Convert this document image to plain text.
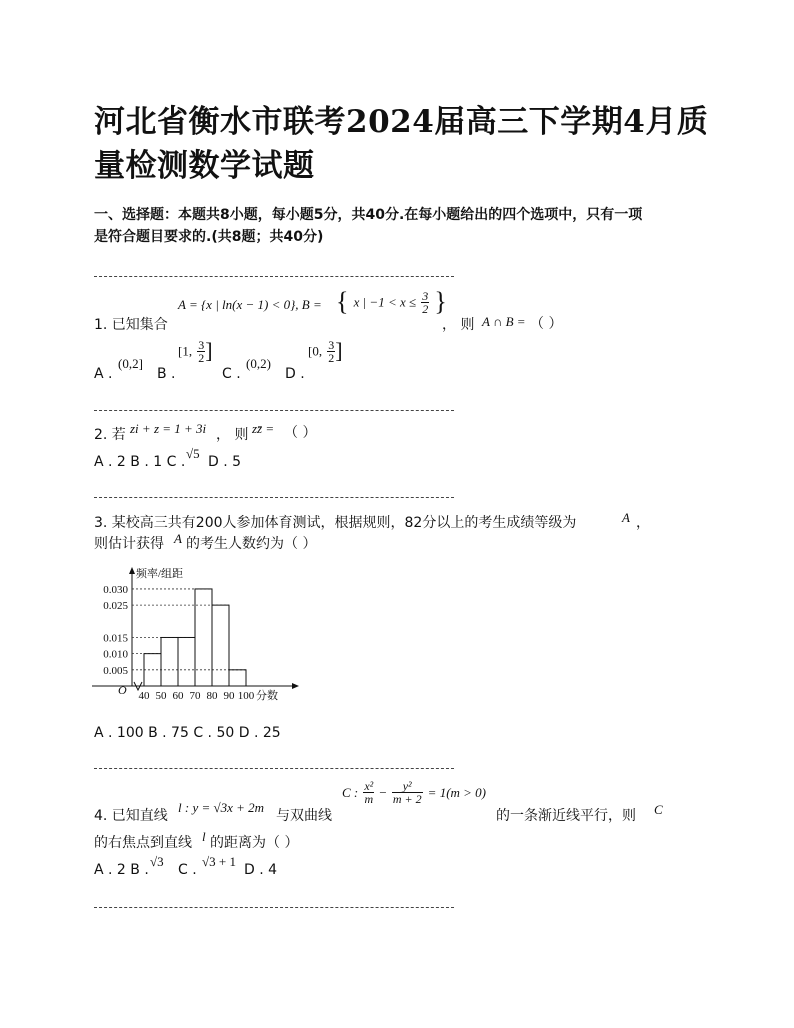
河北省衡水市联考2024届高三下学期4月质
量检测数学试题
一、选择题：本题共8小题，每小题5分，共40分.在每小题给出的四个选项中，只有一项
是符合题目要求的.(共8题；共40分)
1. 已知集合
A = {x | ln(x − 1) < 0}, B = { x | $-1 < x \le \frac{3}{2}$ }
， 则 A ∩ B = （ ）
A .
(0,2]
B .
[1, $\frac{3}{2}$ ]
C .
(0,2)
D .
[0, $\frac{3}{2}$ ]
2. 若 zi + z = 1 + 3i ， 则 zz̄ = （ ）
A . 2 B . 1 C .
√5
D . 5
3. 某校高三共有200人参加体育测试，根据规则，82分以上的考生成绩等级为	A ，
则估计获得 A 的考生人数约为（ ）
0.030
0.025
0.015
0.010
0.005
40 50 60 70 80 90 100 分数
频率/组距
O
A . 100 B . 75 C . 50 D . 25
4. 已知直线
l : y = √3x + 2m
与双曲线
C : $\frac{\text{x²}}{m} - \frac{\text{y²}}{m + 2} = 1(m > 0)$
的一条渐近线平行，则 C
的右焦点到直线 l 的距离为（ ）
A . 2 B .
√3
C .
√3 + 1
D . 4
